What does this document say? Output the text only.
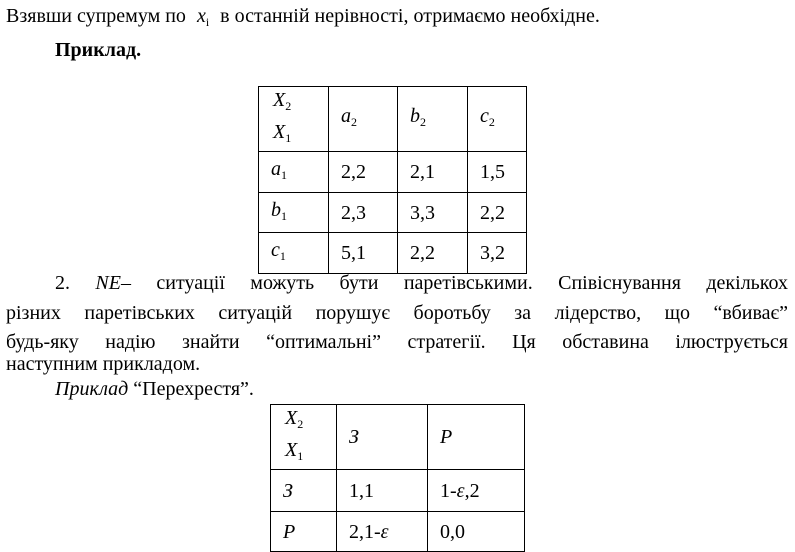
Взявши супремум по $x_i$ в останній нерівності, отримаємо необхідне.
Приклад.
$X_2$
$X_1$	$a_2$	$b_2$	$c_2$
$a_1$	2,2	2,1	1,5
$b_1$	2,3	3,3	2,2
$c_1$	5,1	2,2	3,2
2. NE– ситуації можуть бути паретівськими. Співіснування декількох
різних паретівських ситуацій порушує боротьбу за лідерство, що “вбиває”
будь-яку надію знайти “оптимальні” стратегії. Ця обставина ілюструється
наступним прикладом.
Приклад “Перехрестя”.
$X_2$
$X_1$	З	P
З	1,1	1-ε,2
P	2,1-ε	0,0
